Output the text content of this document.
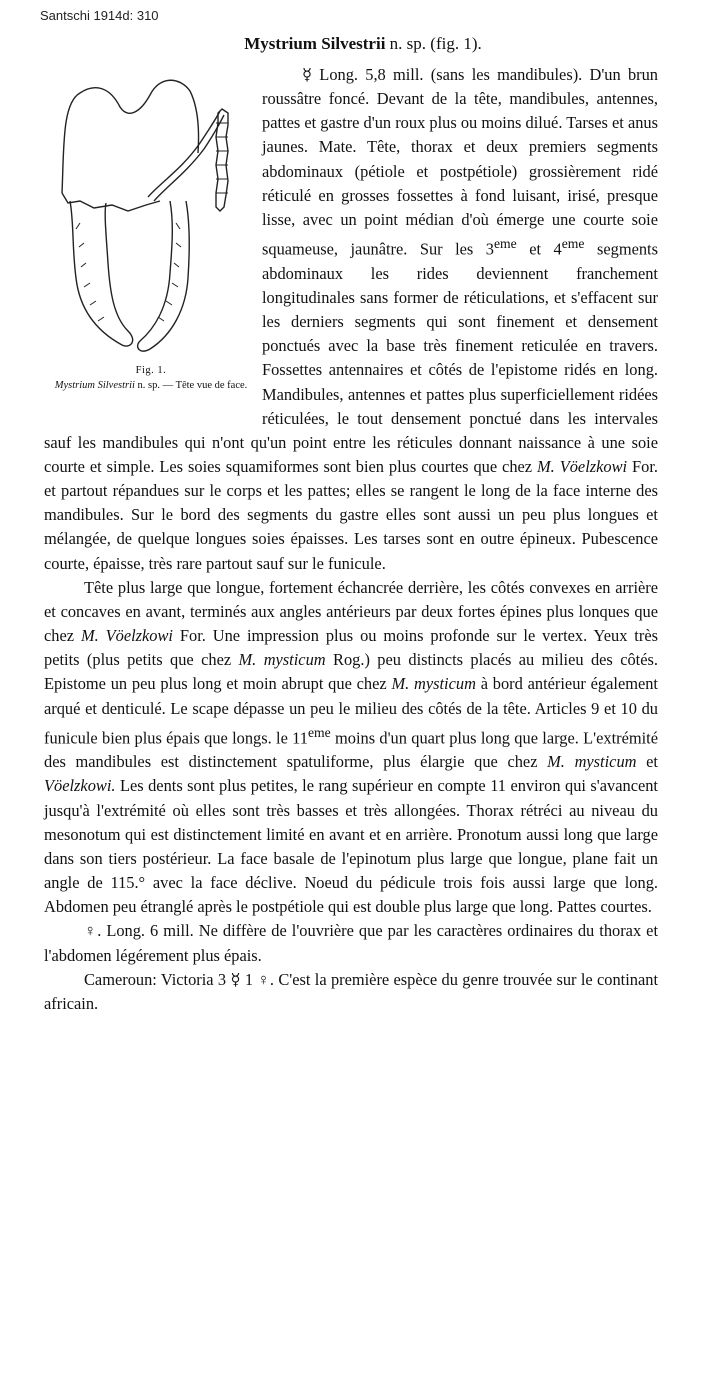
Santschi 1914d: 310
Mystrium Silvestrii n. sp. (fig. 1).

Fig. 1.
Mystrium Silvestrii n. sp. — Tête vue de face.
☿ Long. 5,8 mill. (sans les mandibules). D'un brun roussâtre foncé. Devant de la tête, mandibules, antennes, pattes et gastre d'un roux plus ou moins dilué. Tarses et anus jaunes. Mate. Tête, thorax et deux premiers segments abdominaux (pétiole et postpétiole) grossièrement ridé réticulé en grosses fossettes à fond luisant, irisé, presque lisse, avec un point médian d'où émerge une courte soie squameuse, jaunâtre. Sur les 3eme et 4eme segments abdominaux les rides deviennent franchement longitudinales sans former de réticulations, et s'effacent sur les derniers segments qui sont finement et densement ponctués avec la base très finement reticulée en travers. Fossettes antennaires et côtés de l'epistome ridés en long. Mandibules, antennes et pattes plus superficiellement ridées réticulées, le tout densement ponctué dans les intervales sauf les mandibules qui n'ont qu'un point entre les réticules donnant naissance à une soie courte et simple. Les soies squamiformes sont bien plus courtes que chez M. Vöelzkowi For. et partout répandues sur le corps et les pattes; elles se rangent le long de la face interne des mandibules. Sur le bord des segments du gastre elles sont aussi un peu plus longues et mélangée, de quelque longues soies épaisses. Les tarses sont en outre épineux. Pubescence courte, épaisse, très rare partout sauf sur le funicule.

Tête plus large que longue, fortement échancrée derrière, les côtés convexes en arrière et concaves en avant, terminés aux angles antérieurs par deux fortes épines plus lonques que chez M. Vöelzkowi For. Une impression plus ou moins profonde sur le vertex. Yeux très petits (plus petits que chez M. mysticum Rog.) peu distincts placés au milieu des côtés. Epistome un peu plus long et moin abrupt que chez M. mysticum à bord antérieur également arqué et denticulé. Le scape dépasse un peu le milieu des côtés de la tête. Articles 9 et 10 du funicule bien plus épais que longs. le 11eme moins d'un quart plus long que large. L'extrémité des mandibules est distinctement spatuliforme, plus élargie que chez M. mysticum et Vöelzkowi. Les dents sont plus petites, le rang supérieur en compte 11 environ qui s'avancent jusqu'à l'extrémité où elles sont très basses et très allongées. Thorax rétréci au niveau du mesonotum qui est distinctement limité en avant et en arrière. Pronotum aussi long que large dans son tiers postérieur. La face basale de l'epinotum plus large que longue, plane fait un angle de 115.° avec la face déclive. Noeud du pédicule trois fois aussi large que long. Abdomen peu étranglé après le postpétiole qui est double plus large que long. Pattes courtes.

♀. Long. 6 mill. Ne diffère de l'ouvrière que par les caractères ordinaires du thorax et l'abdomen légérement plus épais.

Cameroun: Victoria 3 ☿ 1 ♀. C'est la première espèce du genre trouvée sur le continant africain.
